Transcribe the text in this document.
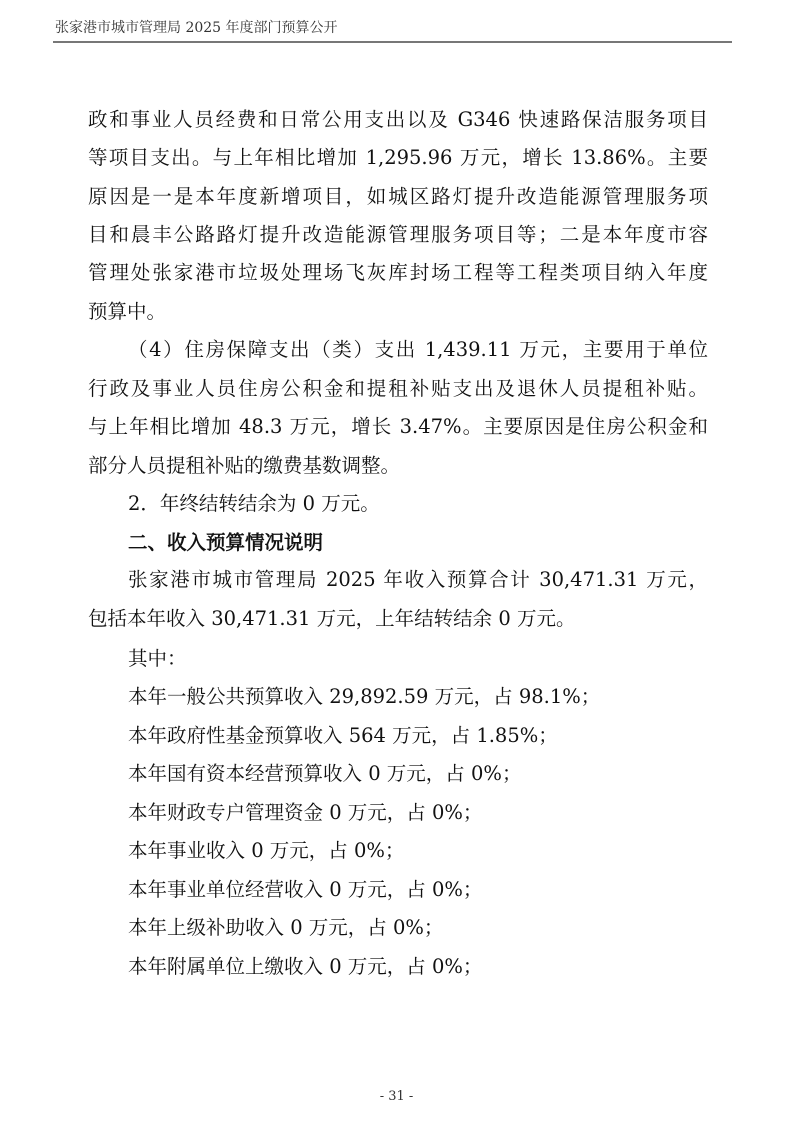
张家港市城市管理局 2025 年度部门预算公开
政和事业人员经费和日常公用支出以及 G346 快速路保洁服务项目
等项目支出。与上年相比增加 1,295.96 万元，增长 13.86%。主要
原因是一是本年度新增项目，如城区路灯提升改造能源管理服务项
目和晨丰公路路灯提升改造能源管理服务项目等；二是本年度市容
管理处张家港市垃圾处理场飞灰库封场工程等工程类项目纳入年度
预算中。
（4）住房保障支出（类）支出 1,439.11 万元，主要用于单位
行政及事业人员住房公积金和提租补贴支出及退休人员提租补贴。
与上年相比增加 48.3 万元，增长 3.47%。主要原因是住房公积金和
部分人员提租补贴的缴费基数调整。
2．年终结转结余为 0 万元。
二、收入预算情况说明
张家港市城市管理局 2025 年收入预算合计 30,471.31 万元，
包括本年收入 30,471.31 万元，上年结转结余 0 万元。
其中：
本年一般公共预算收入 29,892.59 万元，占 98.1%；
本年政府性基金预算收入 564 万元，占 1.85%；
本年国有资本经营预算收入 0 万元，占 0%；
本年财政专户管理资金 0 万元，占 0%；
本年事业收入 0 万元，占 0%；
本年事业单位经营收入 0 万元，占 0%；
本年上级补助收入 0 万元，占 0%；
本年附属单位上缴收入 0 万元，占 0%；
- 31 -
